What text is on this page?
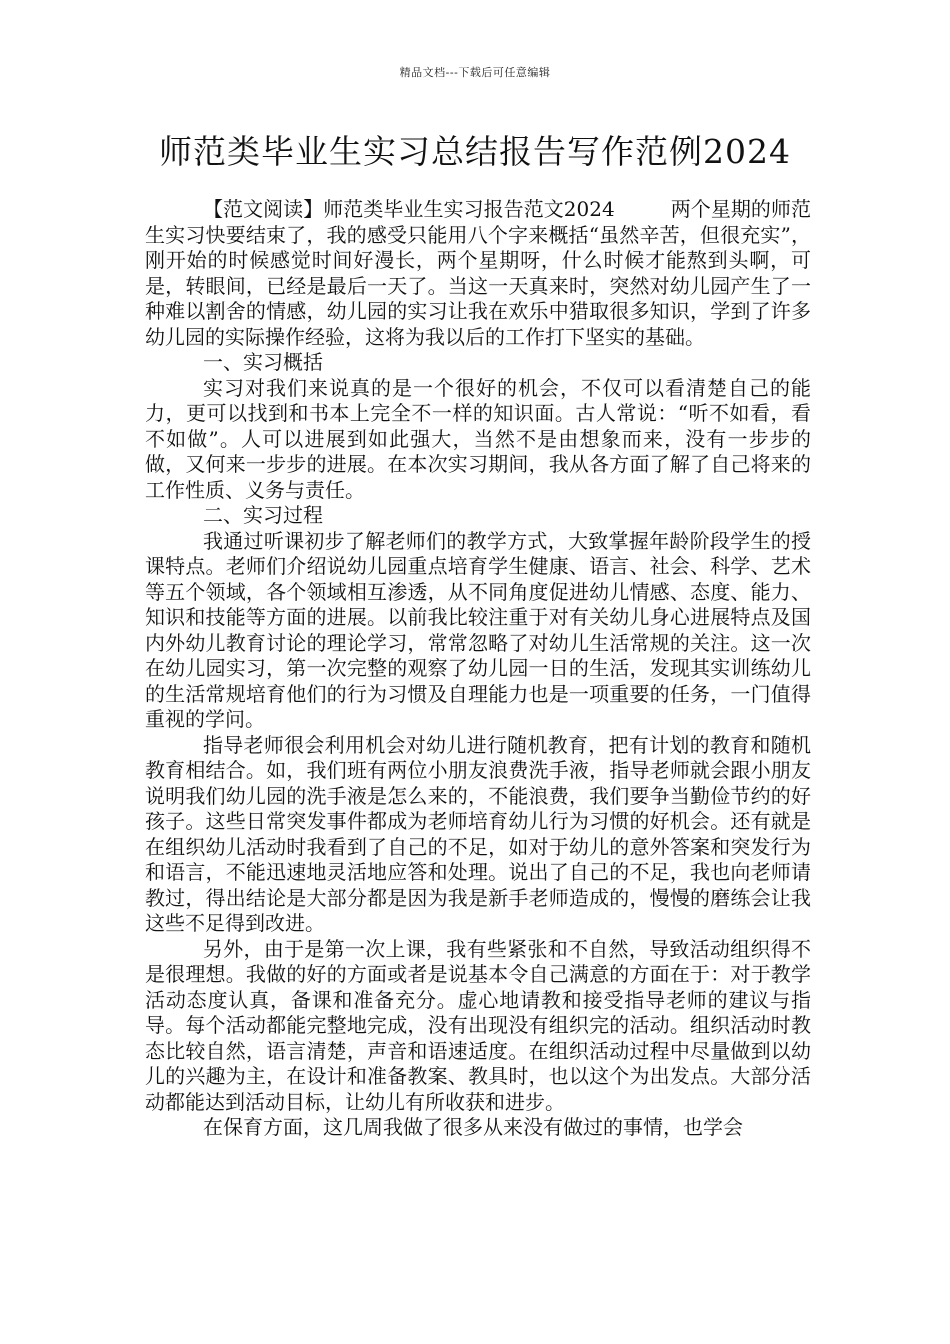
精品文档---下载后可任意编辑
师范类毕业生实习总结报告写作范例2024

【范文阅读】师范类毕业生实习报告范文2024	两个星期的师范生实习快要结束了，我的感受只能用八个字来概括“虽然辛苦，但很充实”，刚开始的时候感觉时间好漫长，两个星期呀，什么时候才能熬到头啊，可是，转眼间，已经是最后一天了。当这一天真来时，突然对幼儿园产生了一种难以割舍的情感，幼儿园的实习让我在欢乐中猎取很多知识，学到了许多幼儿园的实际操作经验，这将为我以后的工作打下坚实的基础。

一、实习概括

实习对我们来说真的是一个很好的机会，不仅可以看清楚自己的能力，更可以找到和书本上完全不一样的知识面。古人常说：“听不如看，看不如做”。人可以进展到如此强大，当然不是由想象而来，没有一步步的做，又何来一步步的进展。在本次实习期间，我从各方面了解了自己将来的工作性质、义务与责任。

二、实习过程

我通过听课初步了解老师们的教学方式，大致掌握年龄阶段学生的授课特点。老师们介绍说幼儿园重点培育学生健康、语言、社会、科学、艺术等五个领域，各个领域相互渗透，从不同角度促进幼儿情感、态度、能力、知识和技能等方面的进展。以前我比较注重于对有关幼儿身心进展特点及国内外幼儿教育讨论的理论学习，常常忽略了对幼儿生活常规的关注。这一次在幼儿园实习，第一次完整的观察了幼儿园一日的生活，发现其实训练幼儿的生活常规培育他们的行为习惯及自理能力也是一项重要的任务，一门值得重视的学问。

指导老师很会利用机会对幼儿进行随机教育，把有计划的教育和随机教育相结合。如，我们班有两位小朋友浪费洗手液，指导老师就会跟小朋友说明我们幼儿园的洗手液是怎么来的，不能浪费，我们要争当勤俭节约的好孩子。这些日常突发事件都成为老师培育幼儿行为习惯的好机会。还有就是在组织幼儿活动时我看到了自己的不足，如对于幼儿的意外答案和突发行为和语言，不能迅速地灵活地应答和处理。说出了自己的不足，我也向老师请教过，得出结论是大部分都是因为我是新手老师造成的，慢慢的磨练会让我这些不足得到改进。

另外，由于是第一次上课，我有些紧张和不自然，导致活动组织得不是很理想。我做的好的方面或者是说基本令自己满意的方面在于：对于教学活动态度认真，备课和准备充分。虚心地请教和接受指导老师的建议与指导。每个活动都能完整地完成，没有出现没有组织完的活动。组织活动时教态比较自然，语言清楚，声音和语速适度。在组织活动过程中尽量做到以幼儿的兴趣为主，在设计和准备教案、教具时，也以这个为出发点。大部分活动都能达到活动目标，让幼儿有所收获和进步。

在保育方面，这几周我做了很多从来没有做过的事情，也学会
